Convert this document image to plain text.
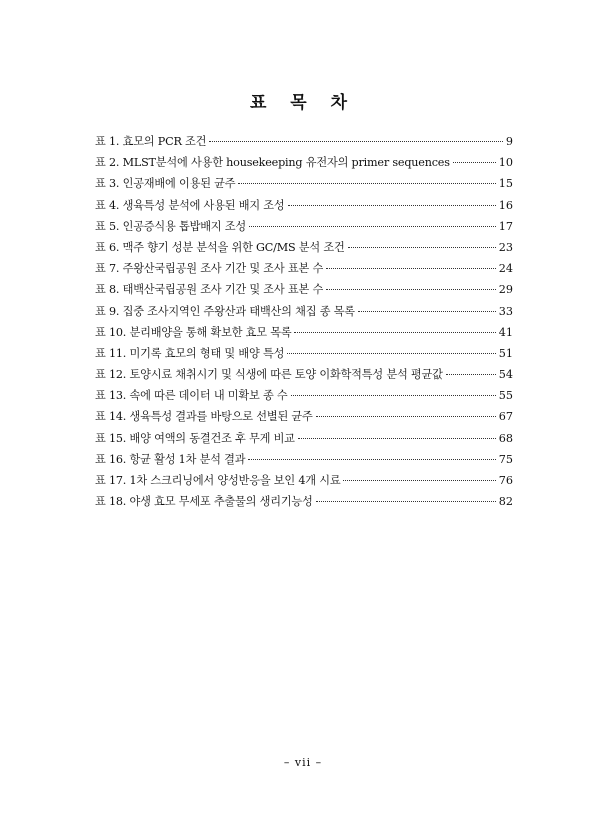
표 목 차
표 1. 효모의 PCR 조건	9
표 2. MLST분석에 사용한 housekeeping 유전자의 primer sequences	10
표 3. 인공재배에 이용된 균주	15
표 4. 생육특성 분석에 사용된 배지 조성	16
표 5. 인공증식용 톱밥배지 조성	17
표 6. 맥주 향기 성분 분석을 위한 GC/MS 분석 조건	23
표 7. 주왕산국립공원 조사 기간 및 조사 표본 수	24
표 8. 태백산국립공원 조사 기간 및 조사 표본 수	29
표 9. 집중 조사지역인 주왕산과 태백산의 채집 종 목록	33
표 10. 분리배양을 통해 확보한 효모 목록	41
표 11. 미기록 효모의 형태 및 배양 특성	51
표 12. 토양시료 채취시기 및 식생에 따른 토양 이화학적특성 분석 평균값	54
표 13. 속에 따른 데이터 내 미확보 종 수	55
표 14. 생육특성 결과를 바탕으로 선별된 균주	67
표 15. 배양 여액의 동결건조 후 무게 비교	68
표 16. 항균 활성 1차 분석 결과	75
표 17. 1차 스크리닝에서 양성반응을 보인 4개 시료	76
표 18. 야생 효모 무세포 추출물의 생리기능성	82
– vii –
